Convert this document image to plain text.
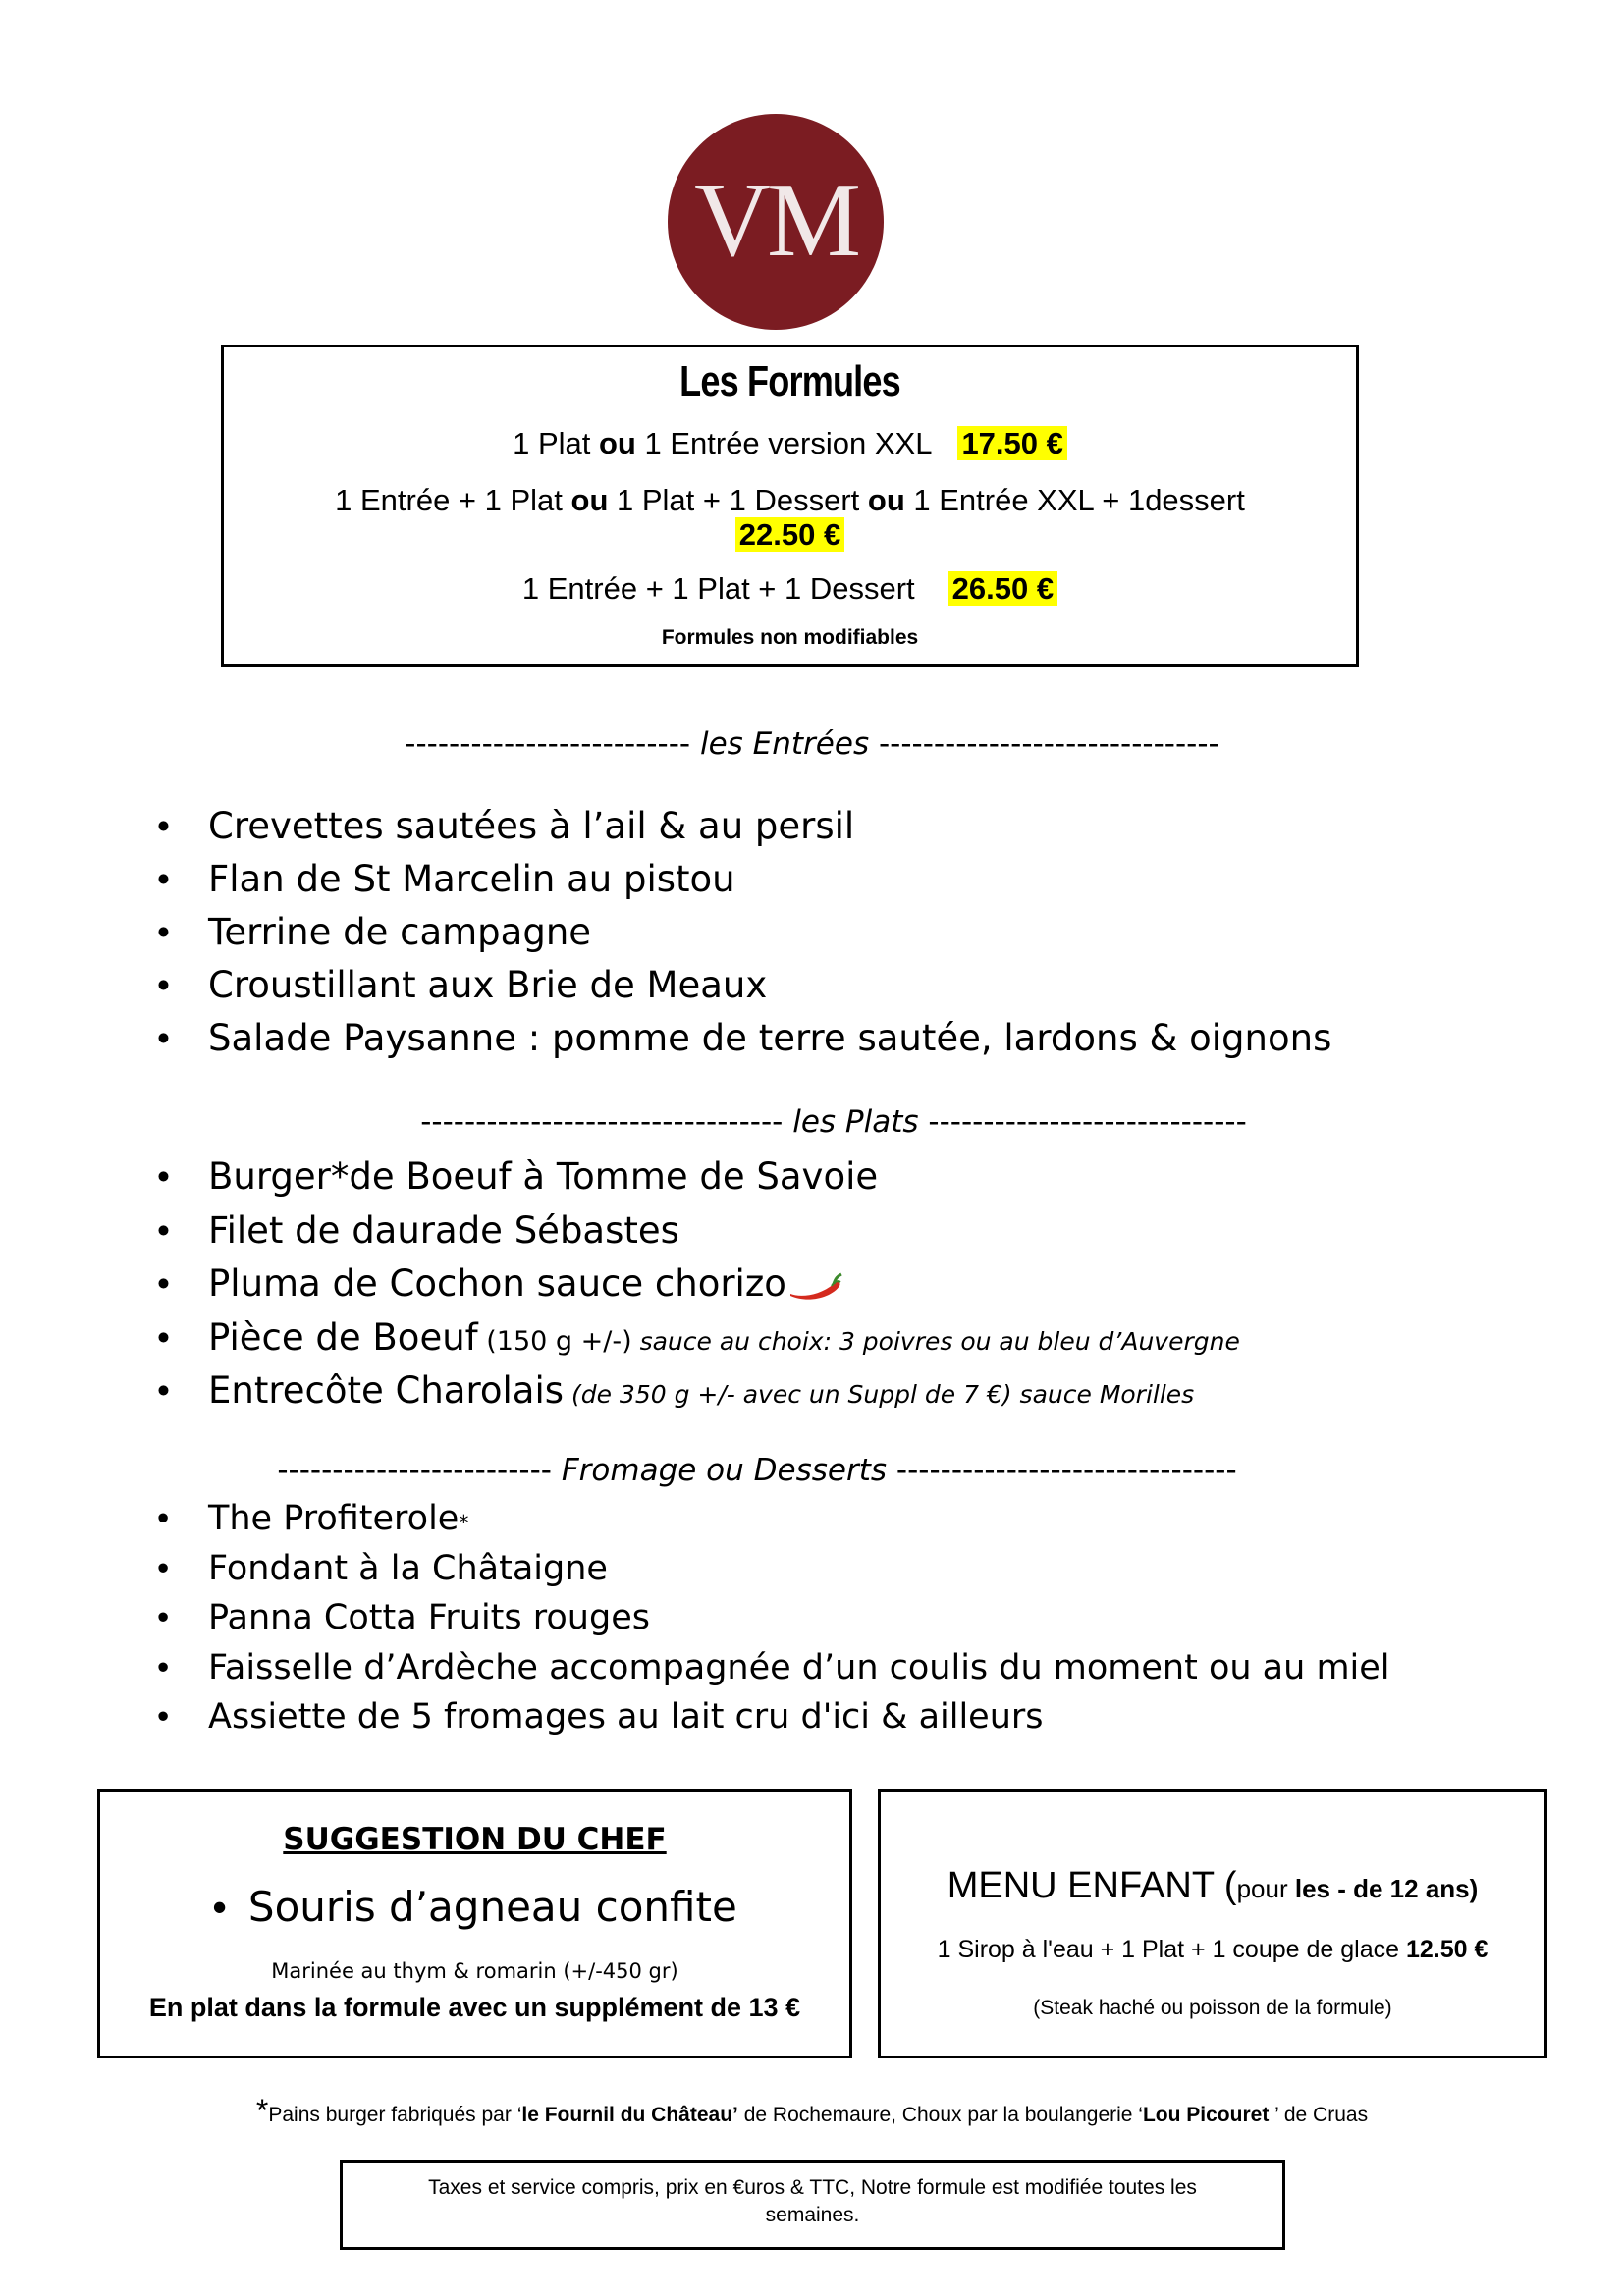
VM
Les Formules
1 Plat ou 1 Entrée version XXL 17.50 €
1 Entrée + 1 Plat ou 1 Plat + 1 Dessert ou 1 Entrée XXL + 1dessert
22.50 €
1 Entrée + 1 Plat + 1 Dessert 26.50 €
Formules non modifiables
-------------------------- les Entrées -------------------------------
• Crevettes sautées à l’ail & au persil
• Flan de St Marcelin au pistou
• Terrine de campagne
• Croustillant aux Brie de Meaux
• Salade Paysanne : pomme de terre sautée, lardons & oignons
--------------------------------- les Plats -----------------------------
• Burger*de Boeuf à Tomme de Savoie
• Filet de daurade Sébastes
• Pluma de Cochon sauce chorizo
• Pièce de Boeuf (150 g +/-) sauce au choix: 3 poivres ou au bleu d’Auvergne
• Entrecôte Charolais (de 350 g +/- avec un Suppl de 7 €) sauce Morilles
------------------------- Fromage ou Desserts -------------------------------
• The Profiterole*
• Fondant à la Châtaigne
• Panna Cotta Fruits rouges
• Faisselle d’Ardèche accompagnée d’un coulis du moment ou au miel
• Assiette de 5 fromages au lait cru d'ici & ailleurs
SUGGESTION DU CHEF
• Souris d’agneau confite
Marinée au thym & romarin (+/-450 gr)
En plat dans la formule avec un supplément de 13 €
MENU ENFANT (pour les - de 12 ans)
1 Sirop à l'eau + 1 Plat + 1 coupe de glace 12.50 €
(Steak haché ou poisson de la formule)
*Pains burger fabriqués par ‘le Fournil du Château’ de Rochemaure, Choux par la boulangerie ‘Lou Picouret ’ de Cruas
Taxes et service compris, prix en €uros & TTC, Notre formule est modifiée toutes les semaines.
